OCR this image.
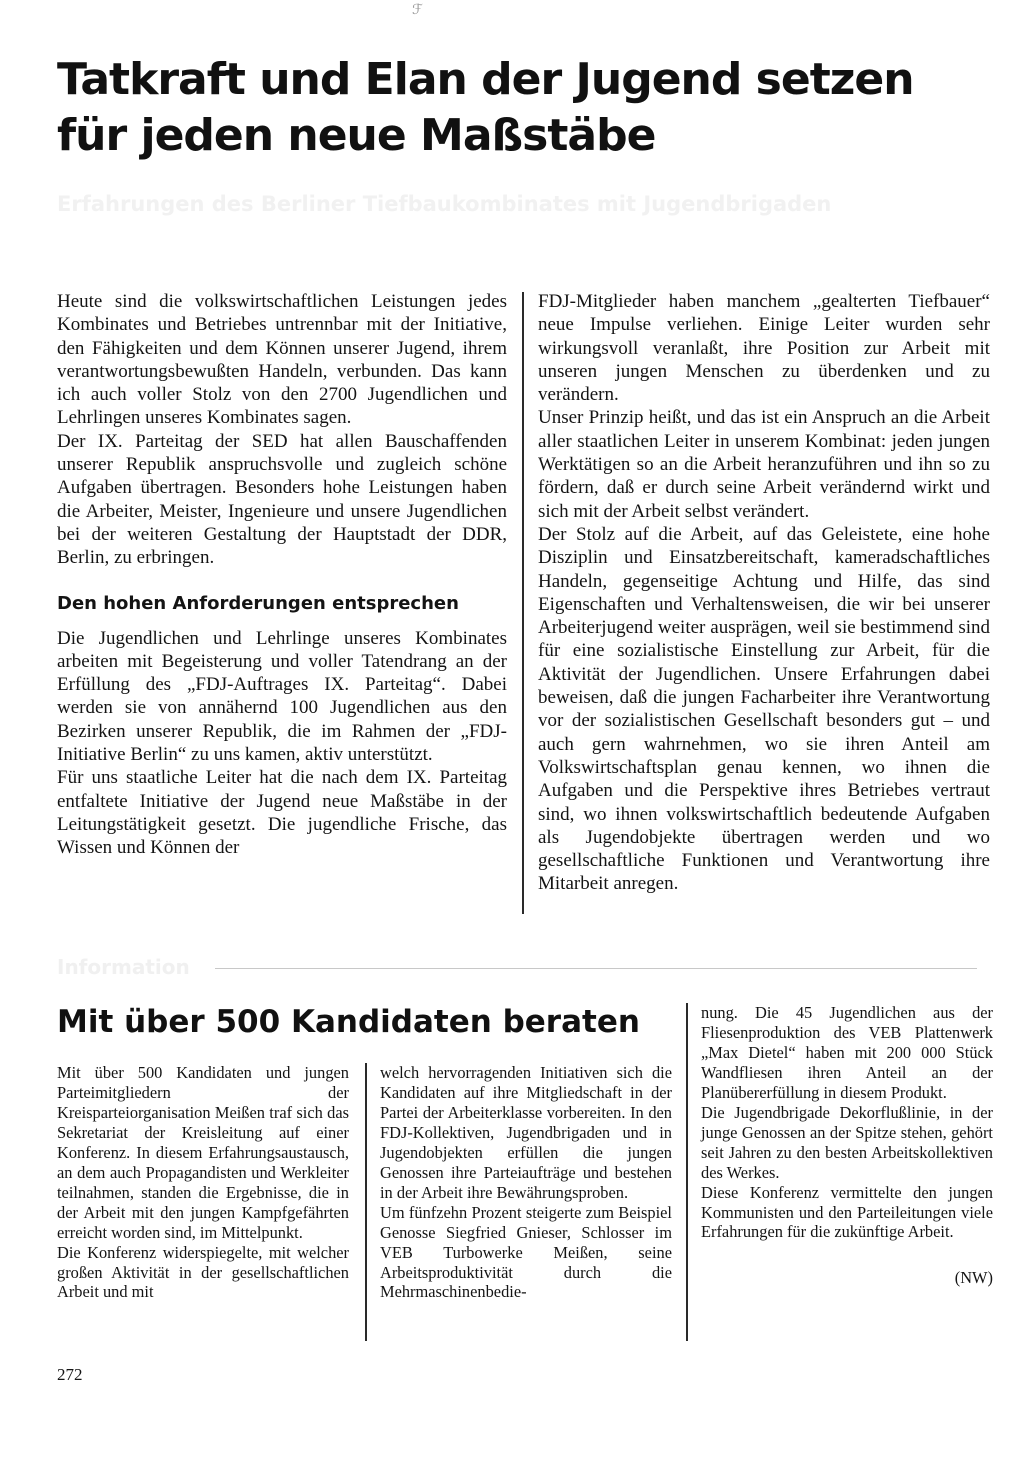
ℱ
Tatkraft und Elan der Jugend setzen für jeden neue Maßstäbe
Erfahrungen des Berliner Tiefbaukombinates mit Jugendbrigaden

Heute sind die volkswirtschaftlichen Leistungen jedes Kombinates und Betriebes untrennbar mit der Initiative, den Fähigkeiten und dem Können unserer Jugend, ihrem verantwortungsbewußten Handeln, verbunden. Das kann ich auch voller Stolz von den 2700 Jugendlichen und Lehrlingen unseres Kombinates sagen.

Der IX. Parteitag der SED hat allen Bauschaffenden unserer Republik anspruchsvolle und zugleich schöne Aufgaben übertragen. Besonders hohe Leistungen haben die Arbeiter, Meister, Ingenieure und unsere Jugendlichen bei der weiteren Gestaltung der Hauptstadt der DDR, Berlin, zu erbringen.

Den hohen Anforderungen entsprechen

Die Jugendlichen und Lehrlinge unseres Kombinates arbeiten mit Begeisterung und voller Tatendrang an der Erfüllung des „FDJ-Auftrages IX. Parteitag“. Dabei werden sie von annähernd 100 Jugendlichen aus den Bezirken unserer Republik, die im Rahmen der „FDJ-Initiative Berlin“ zu uns kamen, aktiv unterstützt.

Für uns staatliche Leiter hat die nach dem IX. Parteitag entfaltete Initiative der Jugend neue Maßstäbe in der Leitungstätigkeit gesetzt. Die jugendliche Frische, das Wissen und Können der

FDJ-Mitglieder haben manchem „gealterten Tiefbauer“ neue Impulse verliehen. Einige Leiter wurden sehr wirkungsvoll veranlaßt, ihre Position zur Arbeit mit unseren jungen Menschen zu überdenken und zu verändern.

Unser Prinzip heißt, und das ist ein Anspruch an die Arbeit aller staatlichen Leiter in unserem Kombinat: jeden jungen Werktätigen so an die Arbeit heranzuführen und ihn so zu fördern, daß er durch seine Arbeit verändernd wirkt und sich mit der Arbeit selbst verändert.

Der Stolz auf die Arbeit, auf das Geleistete, eine hohe Disziplin und Einsatzbereitschaft, kameradschaftliches Handeln, gegenseitige Achtung und Hilfe, das sind Eigenschaften und Verhaltensweisen, die wir bei unserer Arbeiterjugend weiter ausprägen, weil sie bestimmend sind für eine sozialistische Einstellung zur Arbeit, für die Aktivität der Jugendlichen. Unsere Erfahrungen dabei beweisen, daß die jungen Facharbeiter ihre Verantwortung vor der sozialistischen Gesellschaft besonders gut – und auch gern wahrnehmen, wo sie ihren Anteil am Volkswirtschaftsplan genau kennen, wo ihnen die Aufgaben und die Perspektive ihres Betriebes vertraut sind, wo ihnen volkswirtschaftlich bedeutende Aufgaben als Jugendobjekte übertragen werden und wo gesellschaftliche Funktionen und Verantwortung ihre Mitarbeit anregen.

Information
Mit über 500 Kandidaten beraten

Mit über 500 Kandidaten und jungen Parteimitgliedern der Kreisparteiorganisation Meißen traf sich das Sekretariat der Kreisleitung auf einer Konferenz. In diesem Erfahrungsaustausch, an dem auch Propagandisten und Werkleiter teilnahmen, standen die Ergebnisse, die in der Arbeit mit den jungen Kampfgefährten erreicht worden sind, im Mittelpunkt.

Die Konferenz widerspiegelte, mit welcher großen Aktivität in der gesellschaftlichen Arbeit und mit

welch hervorragenden Initiativen sich die Kandidaten auf ihre Mitgliedschaft in der Partei der Arbeiterklasse vorbereiten. In den FDJ-Kollektiven, Jugendbrigaden und in Jugendobjekten erfüllen die jungen Genossen ihre Parteiaufträge und bestehen in der Arbeit ihre Bewährungsproben.

Um fünfzehn Prozent steigerte zum Beispiel Genosse Siegfried Gnieser, Schlosser im VEB Turbowerke Meißen, seine Arbeitsproduktivität durch die Mehrmaschinenbedie-

nung. Die 45 Jugendlichen aus der Fliesenproduktion des VEB Plattenwerk „Max Dietel“ haben mit 200 000 Stück Wandfliesen ihren Anteil an der Planübererfüllung in diesem Produkt.

Die Jugendbrigade Dekorflußlinie, in der junge Genossen an der Spitze stehen, gehört seit Jahren zu den besten Arbeitskollektiven des Werkes.

Diese Konferenz vermittelte den jungen Kommunisten und den Parteileitungen viele Erfahrungen für die zukünftige Arbeit.

(NW)

272
